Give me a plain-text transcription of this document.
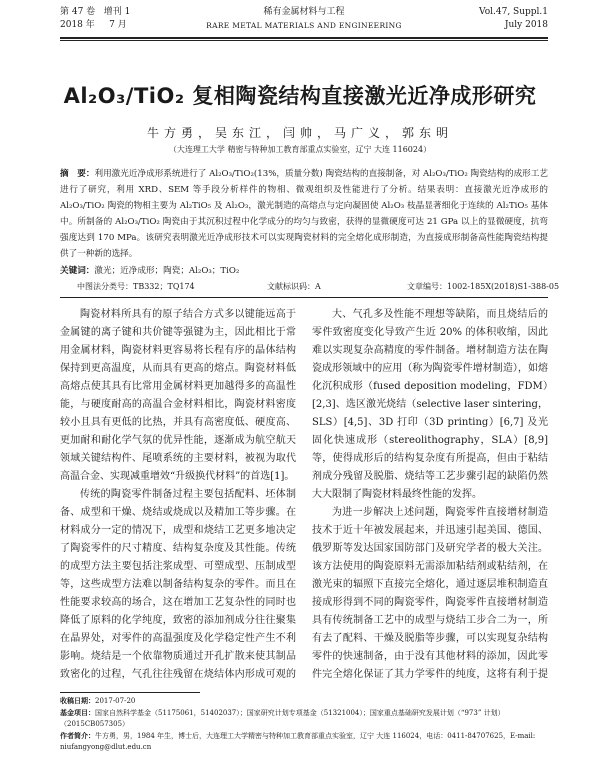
第 47 卷 增刊 1
2018 年 7 月
稀有金属材料与工程
RARE METAL MATERIALS AND ENGINEERING
Vol.47, Suppl.1
July 2018
Al₂O₃/TiO₂ 复相陶瓷结构直接激光近净成形研究
牛方勇，吴东江，闫帅，马广义，郭东明
（大连理工大学 精密与特种加工教育部重点实验室，辽宁 大连 116024）
摘　要：利用激光近净成形系统进行了 Al₂O₃/TiO₂(13%，质量分数) 陶瓷结构的直接制备，对 Al₂O₃/TiO₂ 陶瓷结构的成形工艺进行了研究，利用 XRD、SEM 等手段分析样件的物相、微观组织及性能进行了分析。结果表明：直接激光近净成形的 Al₂O₃/TiO₂ 陶瓷的物相主要为 Al₂TiO₅ 及 Al₂O₃，激光制造的高熔点与定向凝固使 Al₂O₃ 枝晶显著细化于连续的 Al₂TiO₅ 基体中。所制备的 Al₂O₃/TiO₂ 陶瓷由于其沉积过程中化学成分的均匀与致密，获得的显微硬度可达 21 GPa 以上的显微硬度，抗弯强度达到 170 MPa。该研究表明激光近净成形技术可以实现陶瓷材料的完全熔化成形制造，为直接成形制备高性能陶瓷结构提供了一种新的选择。
关键词：激光；近净成形；陶瓷；Al₂O₃；TiO₂
中图法分类号：TB332；TQ174	文献标识码：A	文章编号：1002-185X(2018)S1-388-05

陶瓷材料所具有的原子结合方式多以键能远高于金属键的离子键和共价键等强键为主，因此相比于常用金属材料，陶瓷材料更容易将长程有序的晶体结构保持到更高温度，从而具有更高的熔点。陶瓷材料低高熔点使其具有比常用金属材料更加越得多的高温性能，与硬度耐高的高温合金材料相比，陶瓷材料密度较小且具有更低的比热，并具有高密度低、硬度高、更加耐和耐化学气氛的优异性能，逐渐成为航空航天领域关键结构件、尾喷系统的主要材料，被视为取代高温合金、实现减重增效“升级换代材料”的首选[1]。

传统的陶瓷零件制备过程主要包括配料、坯体制备、成型和干燥、烧结或烧成以及精加工等步骤。在材料成分一定的情况下，成型和烧结工艺更多地决定了陶瓷零件的尺寸精度、结构复杂度及其性能。传统的成型方法主要包括注浆成型、可塑成型、压制成型等，这些成型方法难以制备结构复杂的零件。而且在性能要求较高的场合，这在增加工艺复杂性的同时也降低了原料的化学纯度，致密的添加剂成分往往聚集在晶界处，对零件的高温强度及化学稳定性产生不利影响。烧结是一个依靠物质通过开孔扩散来使其制品致密化的过程，气孔往往残留在烧结体内形成可观的

大、气孔多及性能不理想等缺陷，而且烧结后的零件致密度变化导致产生近 20% 的体积收缩，因此难以实现复杂高精度的零件制备。增材制造方法在陶瓷成形领域中的应用（称为陶瓷零件增材制造），如熔化沉积成形（fused deposition modeling，FDM）[2,3]、选区激光烧结（selective laser sintering，SLS）[4,5]、3D 打印（3D printing）[6,7] 及光固化快速成形（stereolithography，SLA）[8,9] 等，使得成形后的结构复杂度有所提高，但由于粘结剂成分残留及脱脂、烧结等工艺步骤引起的缺陷仍然大大限制了陶瓷材料最终性能的发挥。

为进一步解决上述问题，陶瓷零件直接增材制造技术于近十年被发展起来，并迅速引起美国、德国、俄罗斯等发达国家国防部门及研究学者的极大关注。该方法使用的陶瓷原料无需添加粘结剂或粘结剂，在激光束的辐照下直接完全熔化，通过逐层堆积制造直接成形得到不同的陶瓷零件，陶瓷零件直接增材制造具有传统制备工艺中的成型与烧结工步合二为一，所有去了配料、干燥及脱脂等步骤，可以实现复杂结构零件的快速制备，由于没有其他材料的添加，因此零件完全熔化保证了其力学零件的纯度，这将有利于提

收稿日期：2017-07-20
基金项目：国家自然科学基金（51175061，51402037）；国家研究计划专项基金（51321004）；国家重点基础研究发展计划（“973” 计划）（2015CB057305）
作者简介：牛方勇，男，1984 年生，博士后，大连理工大学精密与特种加工教育部重点实验室，辽宁 大连 116024，电话：0411-84707625，E-mail: niufangyong@dlut.edu.cn
